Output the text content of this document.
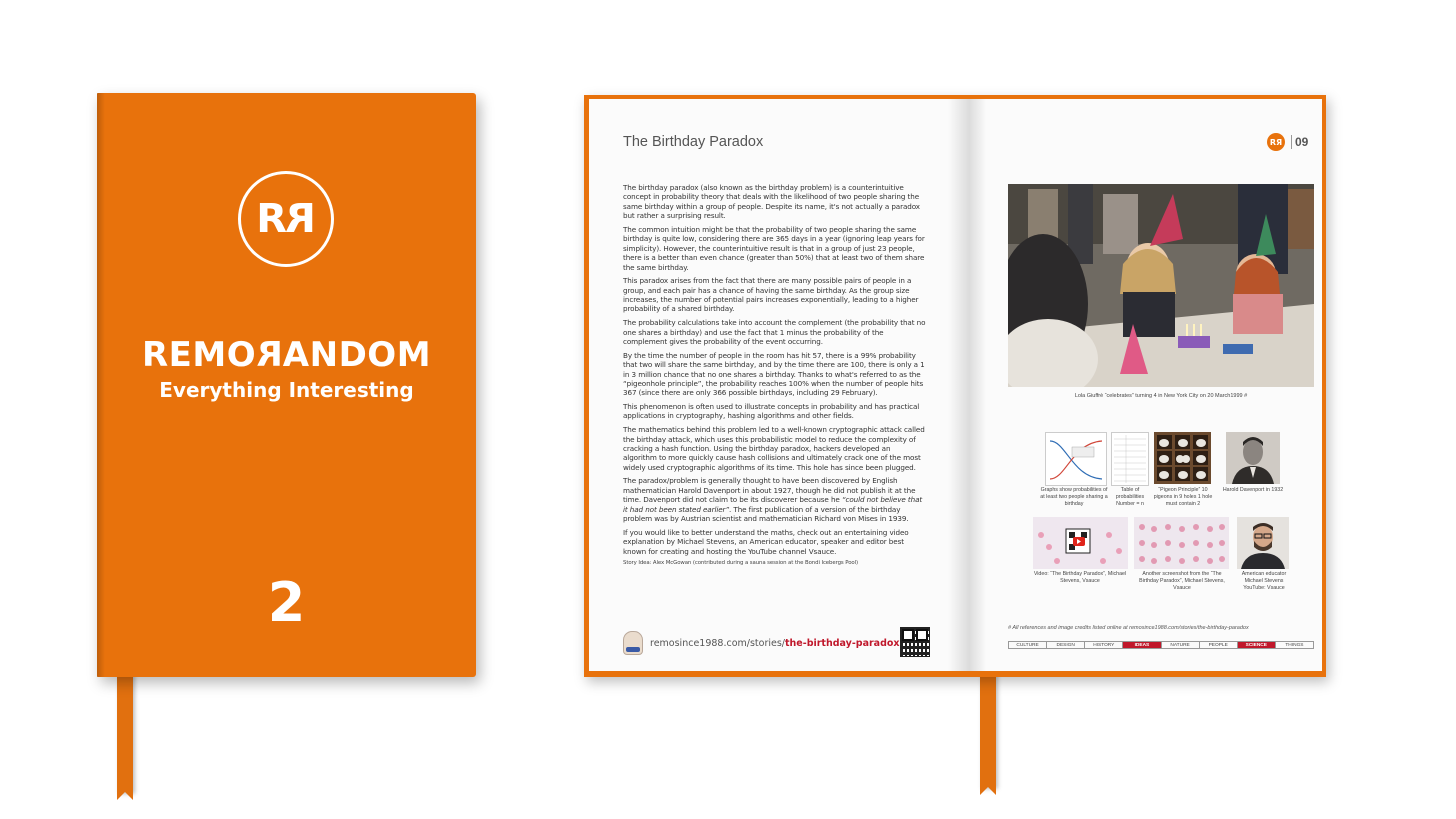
RR
REMORANDOM
Everything Interesting
2
The Birthday Paradox

The birthday paradox (also known as the birthday problem) is a counterintuitive concept in probability theory that deals with the likelihood of two people sharing the same birthday within a group of people. Despite its name, it's not actually a paradox but rather a surprising result.

The common intuition might be that the probability of two people sharing the same birthday is quite low, considering there are 365 days in a year (ignoring leap years for simplicity). However, the counterintuitive result is that in a group of just 23 people, there is a better than even chance (greater than 50%) that at least two of them share the same birthday.

This paradox arises from the fact that there are many possible pairs of people in a group, and each pair has a chance of having the same birthday. As the group size increases, the number of potential pairs increases exponentially, leading to a higher probability of a shared birthday.

The probability calculations take into account the complement (the probability that no one shares a birthday) and use the fact that 1 minus the probability of the complement gives the probability of the event occurring.

By the time the number of people in the room has hit 57, there is a 99% probability that two will share the same birthday, and by the time there are 100, there is only a 1 in 3 million chance that no one shares a birthday. Thanks to what's referred to as the “pigeonhole principle”, the probability reaches 100% when the number of people hits 367 (since there are only 366 possible birthdays, including 29 February).

This phenomenon is often used to illustrate concepts in probability and has practical applications in cryptography, hashing algorithms and other fields.

The mathematics behind this problem led to a well-known cryptographic attack called the birthday attack, which uses this probabilistic model to reduce the complexity of cracking a hash function. Using the birthday paradox, hackers developed an algorithm to more quickly cause hash collisions and ultimately crack one of the most widely used cryptographic algorithms of its time. This hole has since been plugged.

The paradox/problem is generally thought to have been discovered by English mathematician Harold Davenport in about 1927, though he did not publish it at the time. Davenport did not claim to be its discoverer because he “could not believe that it had not been stated earlier”. The first publication of a version of the birthday problem was by Austrian scientist and mathematician Richard von Mises in 1939.

If you would like to better understand the maths, check out an entertaining video explanation by Michael Stevens, an American educator, speaker and editor best known for creating and hosting the YouTube channel Vsauce.

Story Idea: Alex McGowan (contributed during a sauna session at the Bondi Icebergs Pool)

remosince1988.com/stories/the-birthday-paradox
RЯ 09
Lola Giuffrè “celebrates” turning 4 in New York City on 20 March1999 #
Graphs show probabilities of at least two people sharing a birthday
Table of probabilities Number = n
“Pigeon Principle” 10 pigeons in 9 holes 1 hole must contain 2
Harold Davenport in 1932
Video: “The Birthday Paradox”, Michael Stevens, Vsauce
Another screenshot from the “The Birthday Paradox”, Michael Stevens, Vsauce
American educator Michael Stevens YouTube: Vsauce
# All references and image credits listed online at remosince1988.com/stories/the-birthday-paradox
CULTURE	DESIGN	HISTORY	IDEAS	NATURE	PEOPLE	SCIENCE	THINGS
